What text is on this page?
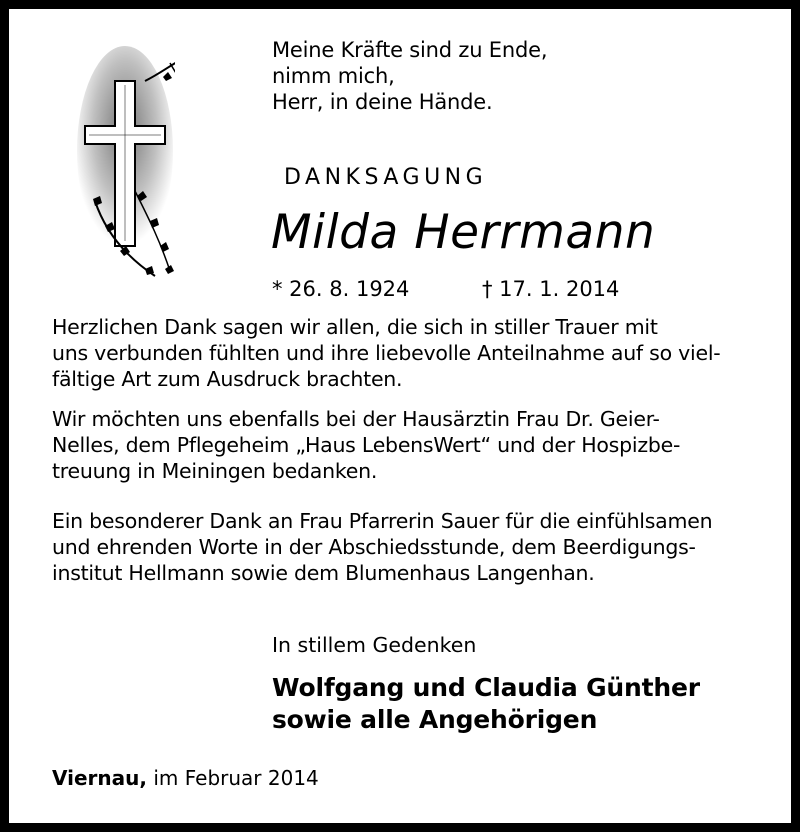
Meine Kräfte sind zu Ende,
nimm mich,
Herr, in deine Hände.
DANKSAGUNG
Milda Herrmann
* 26. 8. 1924	† 17. 1. 2014
Herzlichen Dank sagen wir allen, die sich in stiller Trauer mit
uns verbunden fühlten und ihre liebevolle Anteilnahme auf so viel-
fältige Art zum Ausdruck brachten.
Wir möchten uns ebenfalls bei der Hausärztin Frau Dr. Geier-
Nelles, dem Pflegeheim „Haus LebensWert“ und der Hospizbe-
treuung in Meiningen bedanken.
Ein besonderer Dank an Frau Pfarrerin Sauer für die einfühlsamen
und ehrenden Worte in der Abschiedsstunde, dem Beerdigungs-
institut Hellmann sowie dem Blumenhaus Langenhan.
In stillem Gedenken
Wolfgang und Claudia Günther
sowie alle Angehörigen
Viernau, im Februar 2014
